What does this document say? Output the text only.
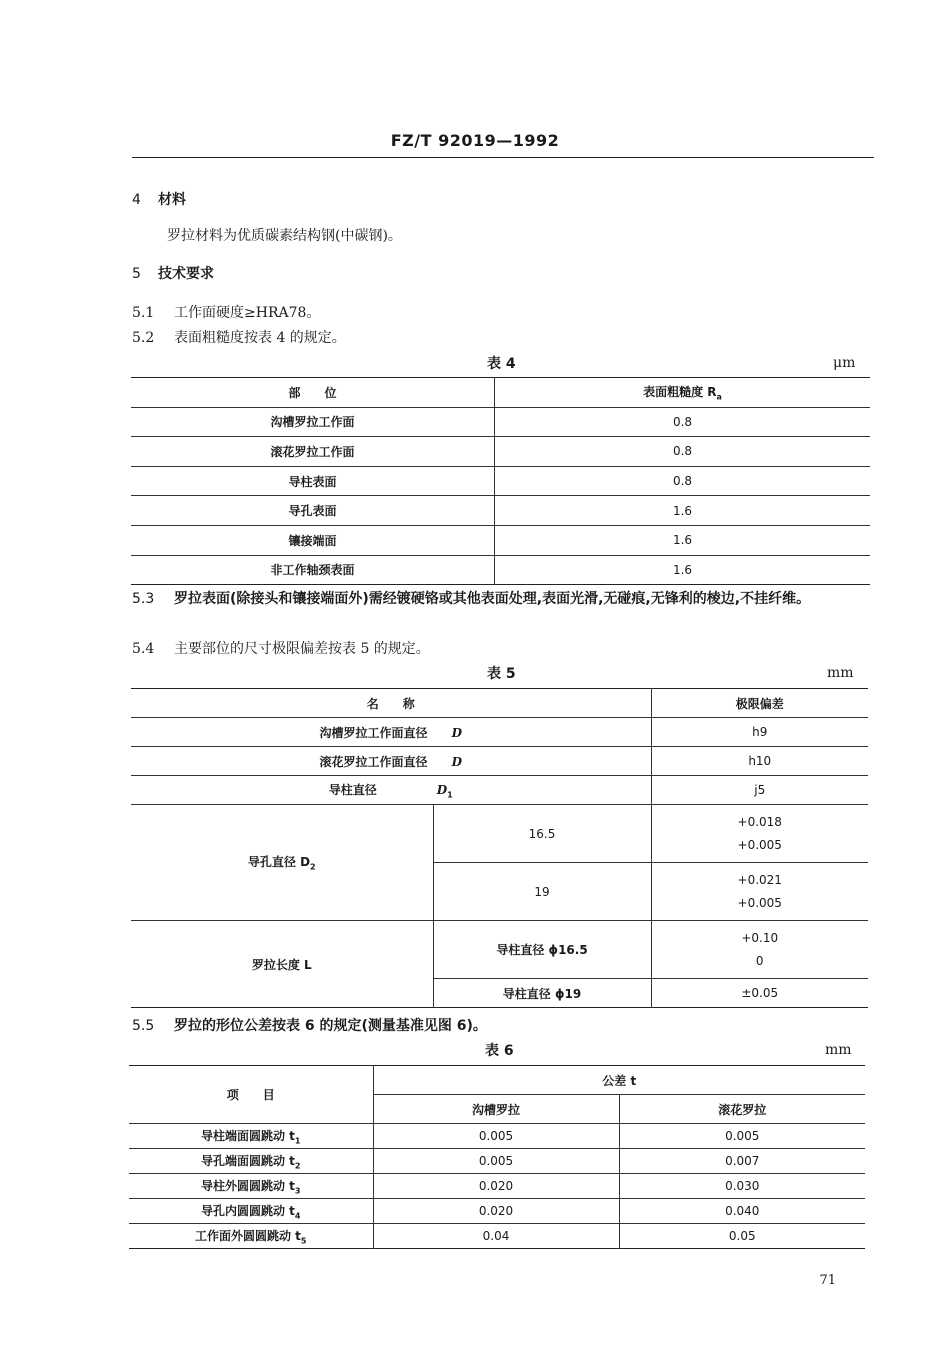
FZ/T 92019—1992
4 材料
罗拉材料为优质碳素结构钢(中碳钢)。
5 技术要求
5.1 工作面硬度≥HRA78。
5.2 表面粗糙度按表 4 的规定。
表 4	μm
部　　位	表面粗糙度 $R_a$
沟槽罗拉工作面	0.8
滚花罗拉工作面	0.8
导柱表面	0.8
导孔表面	1.6
镶接端面	1.6
非工作轴颈表面	1.6
5.3 罗拉表面(除接头和镶接端面外)需经镀硬铬或其他表面处理,表面光滑,无碰痕,无锋利的棱边,不挂纤维。
5.4 主要部位的尺寸极限偏差按表 5 的规定。
表 5	mm
名　　称		极限偏差
沟槽罗拉工作面直径　　 D		h9
滚花罗拉工作面直径　　 D		h10
导柱直径　　　　　 $D_1$		j5
导孔直径 $D_2$	16.5	+0.018
+0.005

	19	+0.021
+0.005

罗拉长度 L	导柱直径 ϕ16.5	+0.10
0

	导柱直径 ϕ19	±0.05
5.5 罗拉的形位公差按表 6 的规定(测量基准见图 6)。
表 6	mm
项　　目	公差 t	
	沟槽罗拉	滚花罗拉
导柱端面圆跳动 $t_1$	0.005	0.005
导孔端面圆跳动 $t_2$	0.005	0.007
导柱外圆圆跳动 $t_3$	0.020	0.030
导孔内圆圆跳动 $t_4$	0.020	0.040
工作面外圆圆跳动 $t_5$	0.04	0.05
71
